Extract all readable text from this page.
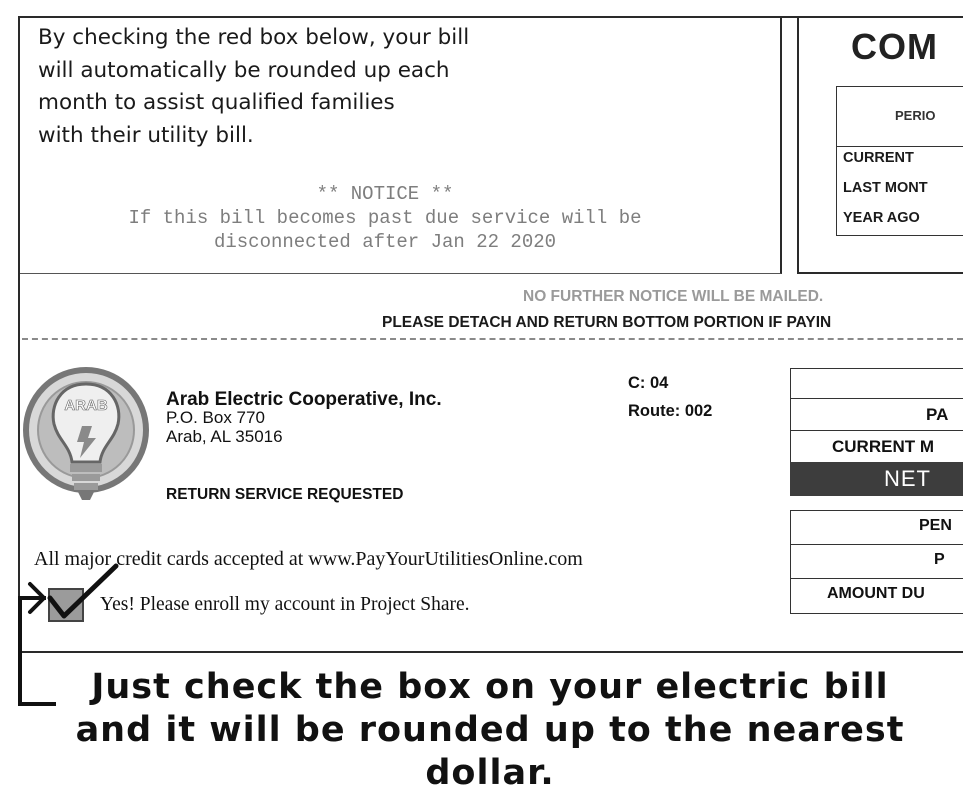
By checking the red box below, your bill
will automatically be rounded up each
month to assist qualified families
with their utility bill.
** NOTICE **
If this bill becomes past due service will be
disconnected after Jan 22 2020
COM
PERIO
CURRENT
LAST MONT
YEAR AGO
NO FURTHER NOTICE WILL BE MAILED.
PLEASE DETACH AND RETURN BOTTOM PORTION IF PAYIN
ARAB	Arab Electric Cooperative, Inc.
P.O. Box 770
Arab, AL 35016
C: 04
Route: 002
RETURN SERVICE REQUESTED
PA
CURRENT M
NET
PEN
P
AMOUNT DU
All major credit cards accepted at www.PayYourUtilitiesOnline.com
Yes! Please enroll my account in Project Share.
Just check the box on your electric bill
and it will be rounded up to the nearest
dollar.
